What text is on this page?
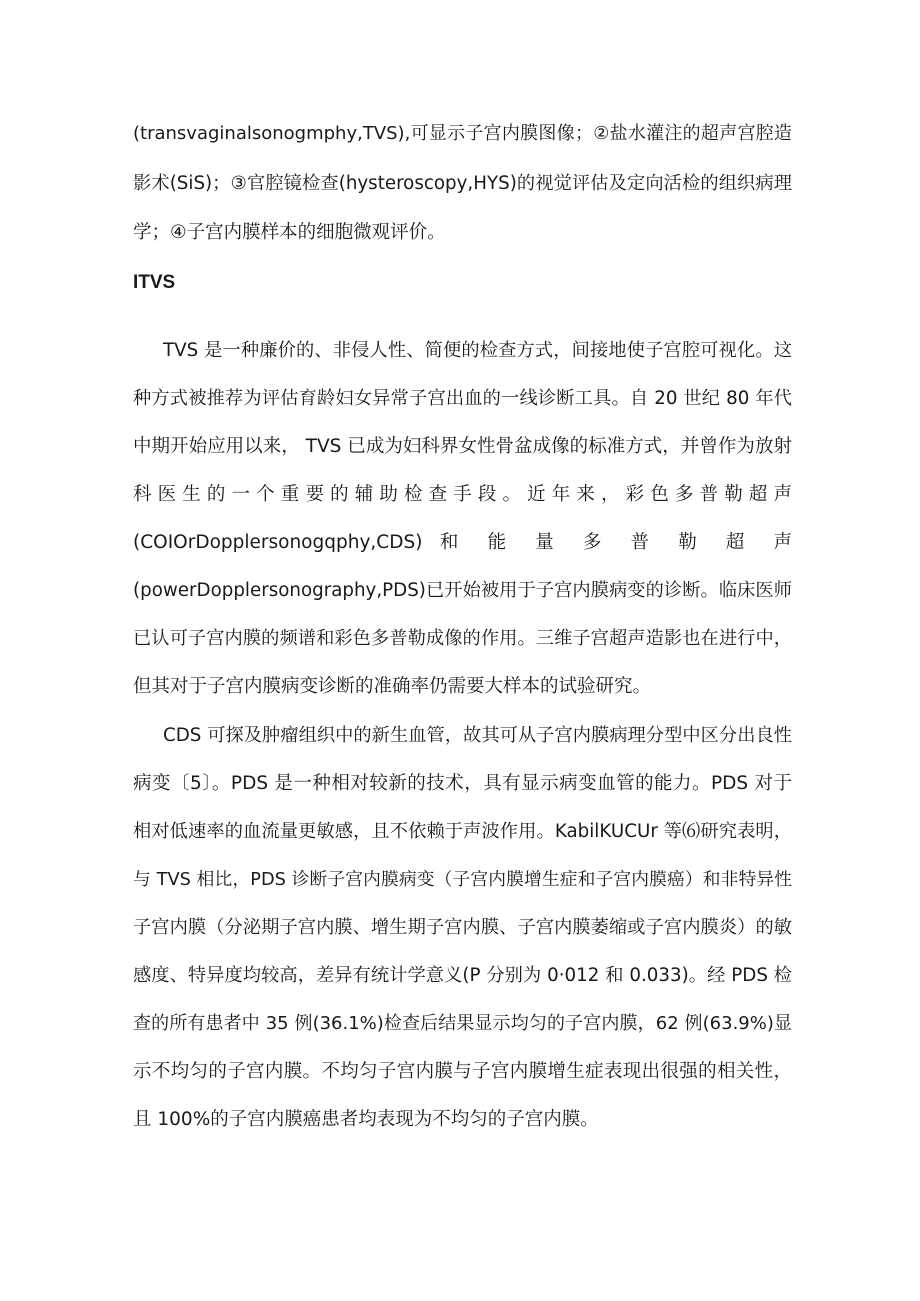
(transvaginalsonogmphy,TVS),可显示子宫内膜图像；②盐水灌注的超声宫腔造
影术(SiS)；③官腔镜检查(hysteroscopy,HYS)的视觉评估及定向活检的组织病理
学；④子宫内膜样本的细胞微观评价。
ITVS
TVS 是一种廉价的、非侵人性、简便的检查方式，间接地使子宫腔可视化。这
种方式被推荐为评估育龄妇女异常子宫出血的一线诊断工具。自 20 世纪 80 年代
中期开始应用以来， TVS 已成为妇科界女性骨盆成像的标准方式，并曾作为放射
科 医 生 的 一 个 重 要 的 辅 助 检 查 手 段 。 近 年 来 ， 彩 色 多 普 勒 超 声
(COIOrDopplersonogqphy,CDS) 和 能 量 多 普 勒 超 声
(powerDopplersonography,PDS)已开始被用于子宫内膜病变的诊断。临床医师
已认可子宫内膜的频谱和彩色多普勒成像的作用。三维子宫超声造影也在进行中，
但其对于子宫内膜病变诊断的准确率仍需要大样本的试验研究。
CDS 可探及肿瘤组织中的新生血管，故其可从子宫内膜病理分型中区分出良性
病变〔5〕。PDS 是一种相对较新的技术，具有显示病变血管的能力。PDS 对于
相对低速率的血流量更敏感，且不依赖于声波作用。KabilKUCUr 等⑹研究表明，
与 TVS 相比，PDS 诊断子宫内膜病变（子宫内膜增生症和子宫内膜癌）和非特异性
子宫内膜（分泌期子宫内膜、增生期子宫内膜、子宫内膜萎缩或子宫内膜炎）的敏
感度、特异度均较高，差异有统计学意义(P 分别为 0·012 和 0.033)。经 PDS 检
查的所有患者中 35 例(36.1%)检查后结果显示均匀的子宫内膜，62 例(63.9%)显
示不均匀的子宫内膜。不均匀子宫内膜与子宫内膜增生症表现出很强的相关性，
且 100%的子宫内膜癌患者均表现为不均匀的子宫内膜。
